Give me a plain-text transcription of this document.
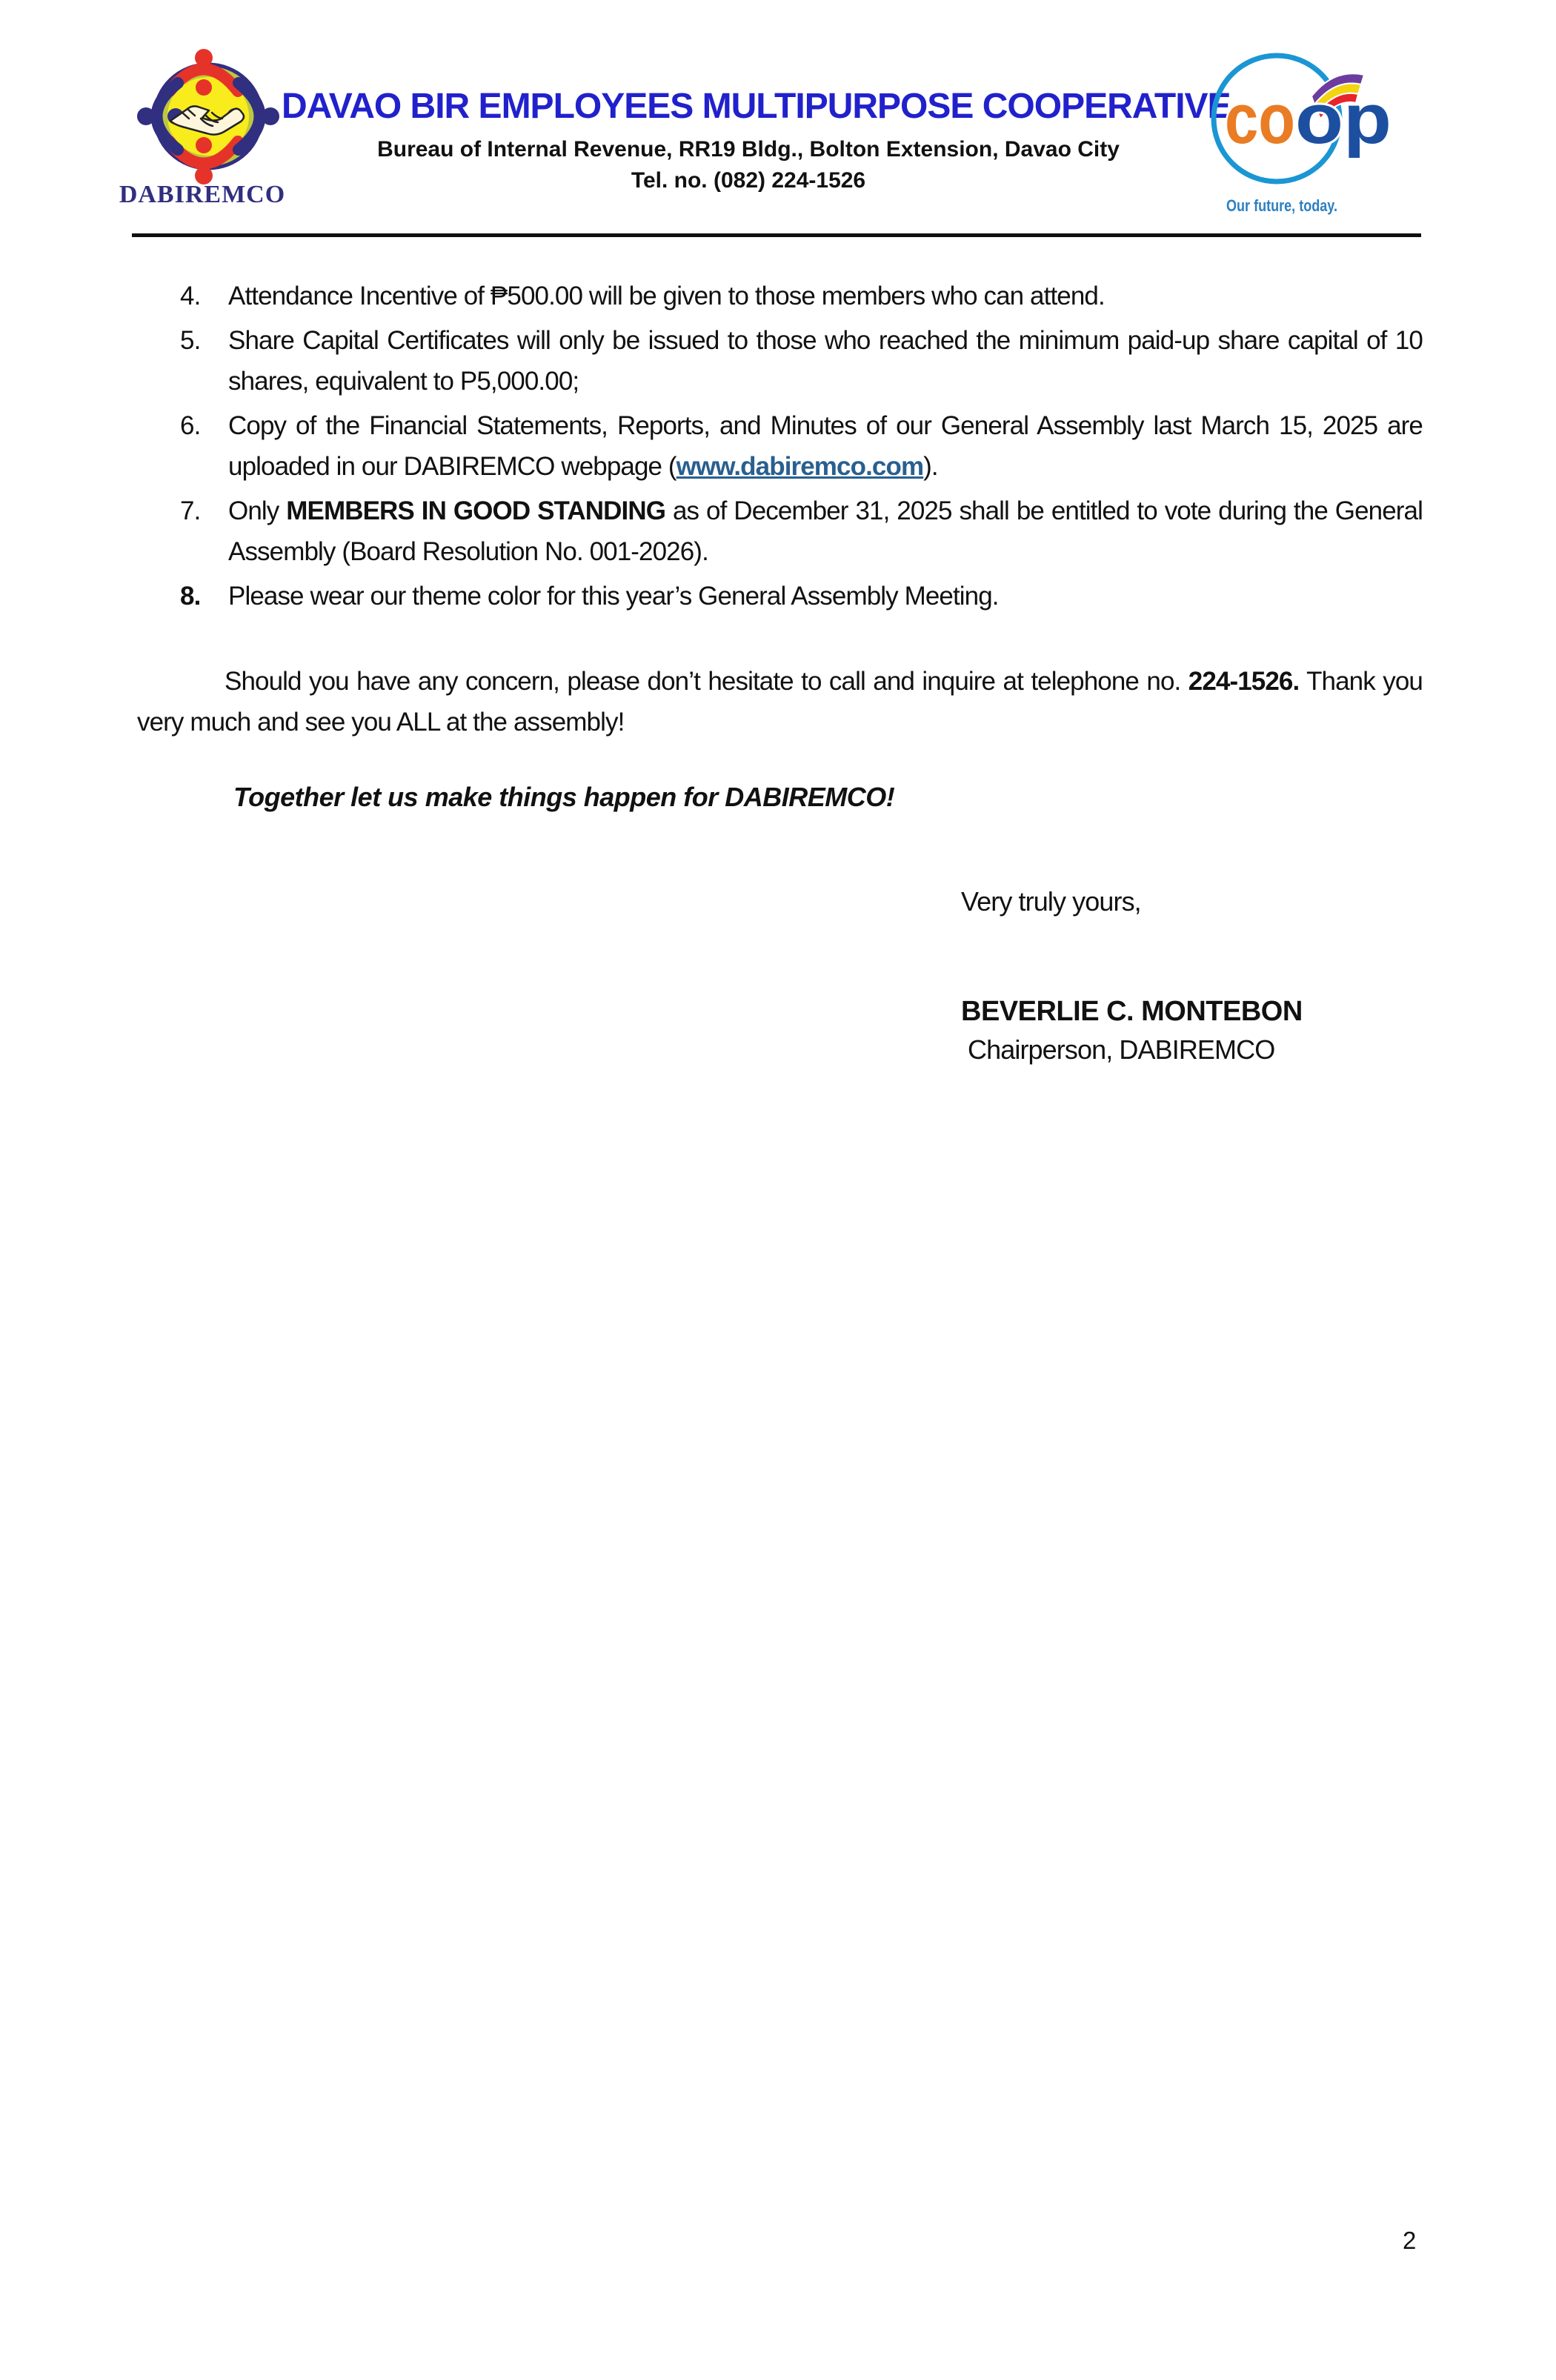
DABIREMCO
DAVAO BIR EMPLOYEES MULTIPURPOSE COOPERATIVE
Bureau of Internal Revenue, RR19 Bldg., Bolton Extension, Davao City
Tel. no. (082) 224-1526
co op
Our future, today.
4.	Attendance Incentive of ₱500.00 will be given to those members who can attend.
5.	Share Capital Certificates will only be issued to those who reached the minimum paid-up share capital of 10 shares, equivalent to P5,000.00;
6.	Copy of the Financial Statements, Reports, and Minutes of our General Assembly last March 15, 2025 are uploaded in our DABIREMCO webpage (www.dabiremco.com).
7.	Only MEMBERS IN GOOD STANDING as of December 31, 2025 shall be entitled to vote during the General Assembly (Board Resolution No. 001-2026).
8.	Please wear our theme color for this year’s General Assembly Meeting.

Should you have any concern, please don’t hesitate to call and inquire at telephone no. 224-1526. Thank you very much and see you ALL at the assembly!

Together let us make things happen for DABIREMCO!

Very truly yours,
BEVERLIE C. MONTEBON
Chairperson, DABIREMCO
2
